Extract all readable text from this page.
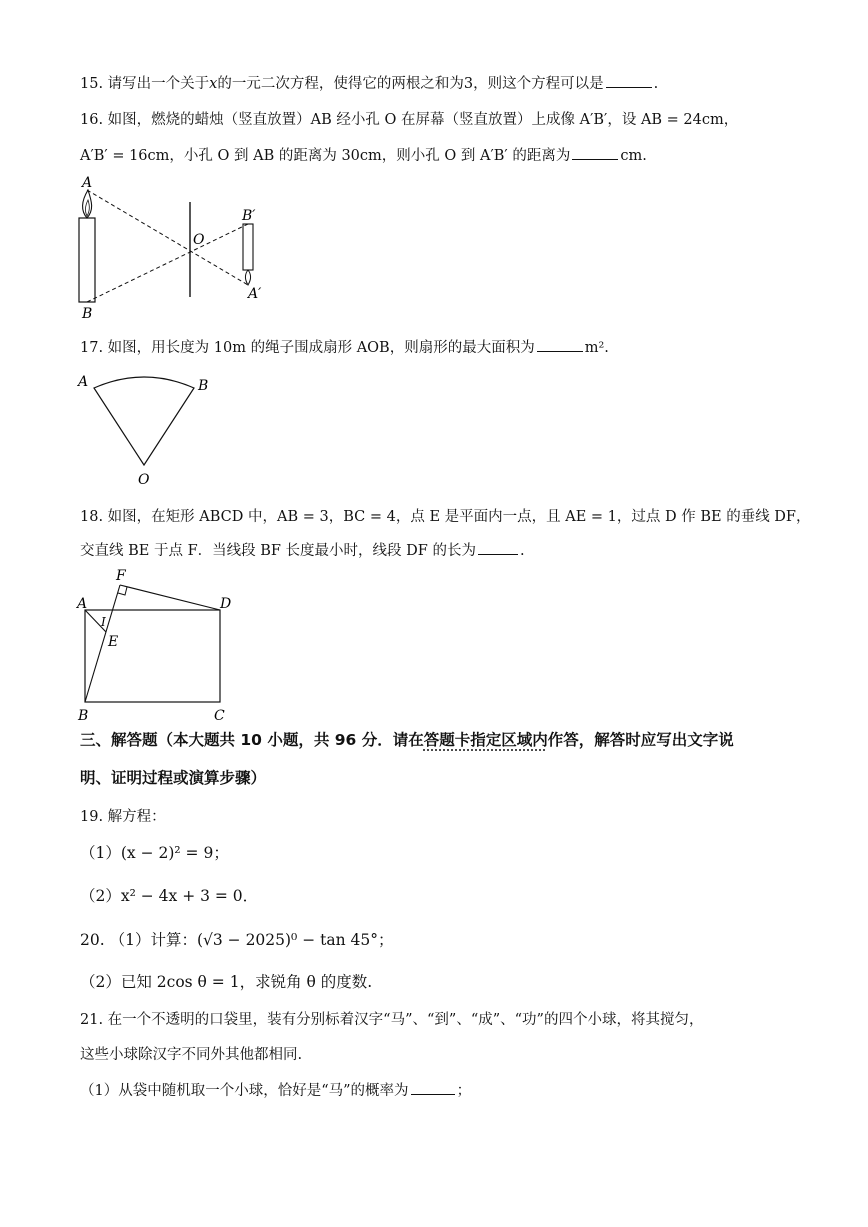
15. 请写出一个关于x的一元二次方程，使得它的两根之和为3，则这个方程可以是	.
16. 如图，燃烧的蜡烛（竖直放置）AB 经小孔 O 在屏幕（竖直放置）上成像 A′B′，设 AB = 24cm，
A′B′ = 16cm，小孔 O 到 AB 的距离为 30cm，则小孔 O 到 A′B′ 的距离为	cm.
A
B
O
B′
A′
17. 如图，用长度为 10m 的绳子围成扇形 AOB，则扇形的最大面积为	m².
A	B
O
18. 如图，在矩形 ABCD 中，AB = 3，BC = 4，点 E 是平面内一点，且 AE = 1，过点 D 作 BE 的垂线 DF，
交直线 BE 于点 F．当线段 BF 长度最小时，线段 DF 的长为	.
F
A	D
I
E
B	C
三、解答题（本大题共 10 小题，共 96 分．请在答题卡指定区域内作答，解答时应写出文字说
明、证明过程或演算步骤）
19. 解方程：
（1）(x − 2)² = 9；
（2）x² − 4x + 3 = 0．
20. （1）计算：(√3 − 2025)⁰ − tan 45°；
（2）已知 2cos θ = 1，求锐角 θ 的度数.
21. 在一个不透明的口袋里，装有分别标着汉字“马”、“到”、“成”、“功”的四个小球，将其搅匀，
这些小球除汉字不同外其他都相同.
（1）从袋中随机取一个小球，恰好是“马”的概率为	；
